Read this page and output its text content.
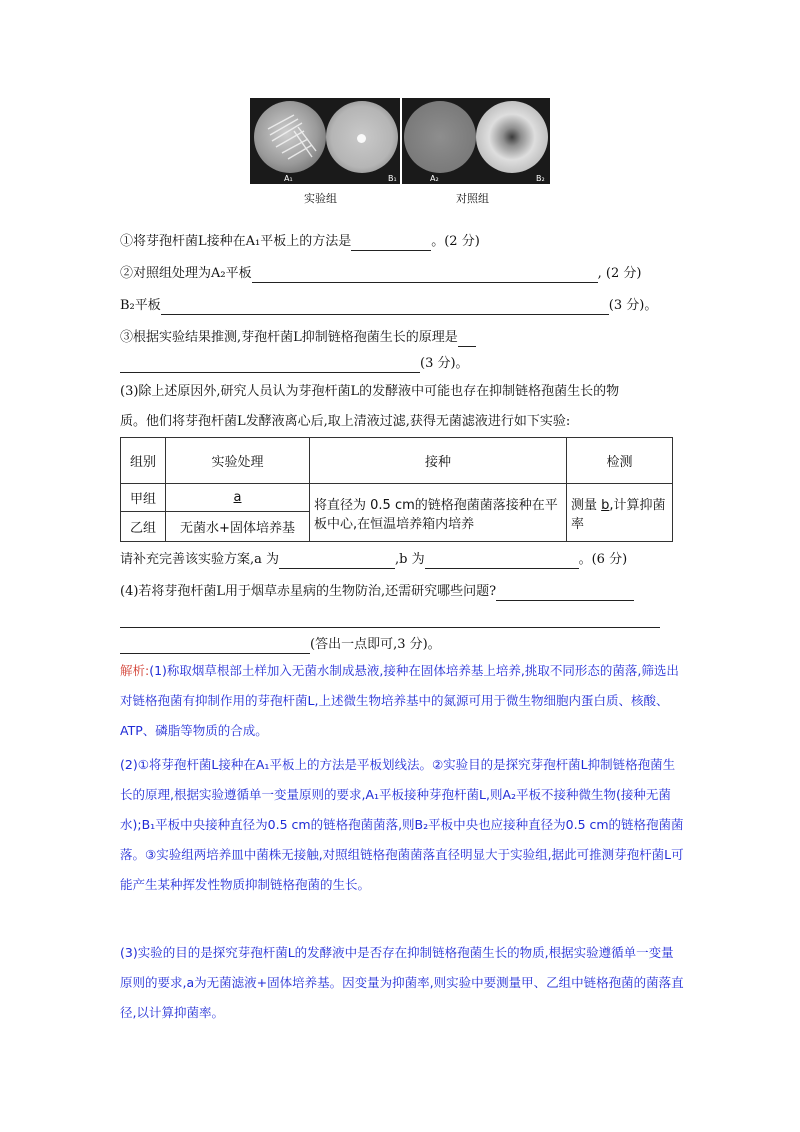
A₁	B₁	A₂	B₂
实验组	对照组
①将芽孢杆菌L接种在A₁平板上的方法是	。(2 分)
②对照组处理为A₂平板	, (2 分)
B₂平板	(3 分)。
③根据实验结果推测,芽孢杆菌L抑制链格孢菌生长的原理是
(3 分)。
(3)除上述原因外,研究人员认为芽孢杆菌L的发酵液中可能也存在抑制链格孢菌生长的物
质。他们将芽孢杆菌L发酵液离心后,取上清液过滤,获得无菌滤液进行如下实验:
组别	实验处理	接种	检测
甲组	a	将直径为 0.5 cm的链格孢菌菌落接种在平板中心,在恒温培养箱内培养	测量 b,计算抑菌率
乙组	无菌水+固体培养基		
请补充完善该实验方案,a 为	,b 为	。(6 分)
(4)若将芽孢杆菌L用于烟草赤星病的生物防治,还需研究哪些问题?
(答出一点即可,3 分)。
解析:(1)称取烟草根部土样加入无菌水制成悬液,接种在固体培养基上培养,挑取不同形态的菌落,筛选出对链格孢菌有抑制作用的芽孢杆菌L,上述微生物培养基中的氮源可用于微生物细胞内蛋白质、核酸、ATP、磷脂等物质的合成。
(2)①将芽孢杆菌L接种在A₁平板上的方法是平板划线法。②实验目的是探究芽孢杆菌L抑制链格孢菌生长的原理,根据实验遵循单一变量原则的要求,A₁平板接种芽孢杆菌L,则A₂平板不接种微生物(接种无菌水);B₁平板中央接种直径为0.5 cm的链格孢菌菌落,则B₂平板中央也应接种直径为0.5 cm的链格孢菌菌落。③实验组两培养皿中菌株无接触,对照组链格孢菌菌落直径明显大于实验组,据此可推测芽孢杆菌L可能产生某种挥发性物质抑制链格孢菌的生长。
(3)实验的目的是探究芽孢杆菌L的发酵液中是否存在抑制链格孢菌生长的物质,根据实验遵循单一变量原则的要求,a为无菌滤液+固体培养基。因变量为抑菌率,则实验中要测量甲、乙组中链格孢菌的菌落直径,以计算抑菌率。
